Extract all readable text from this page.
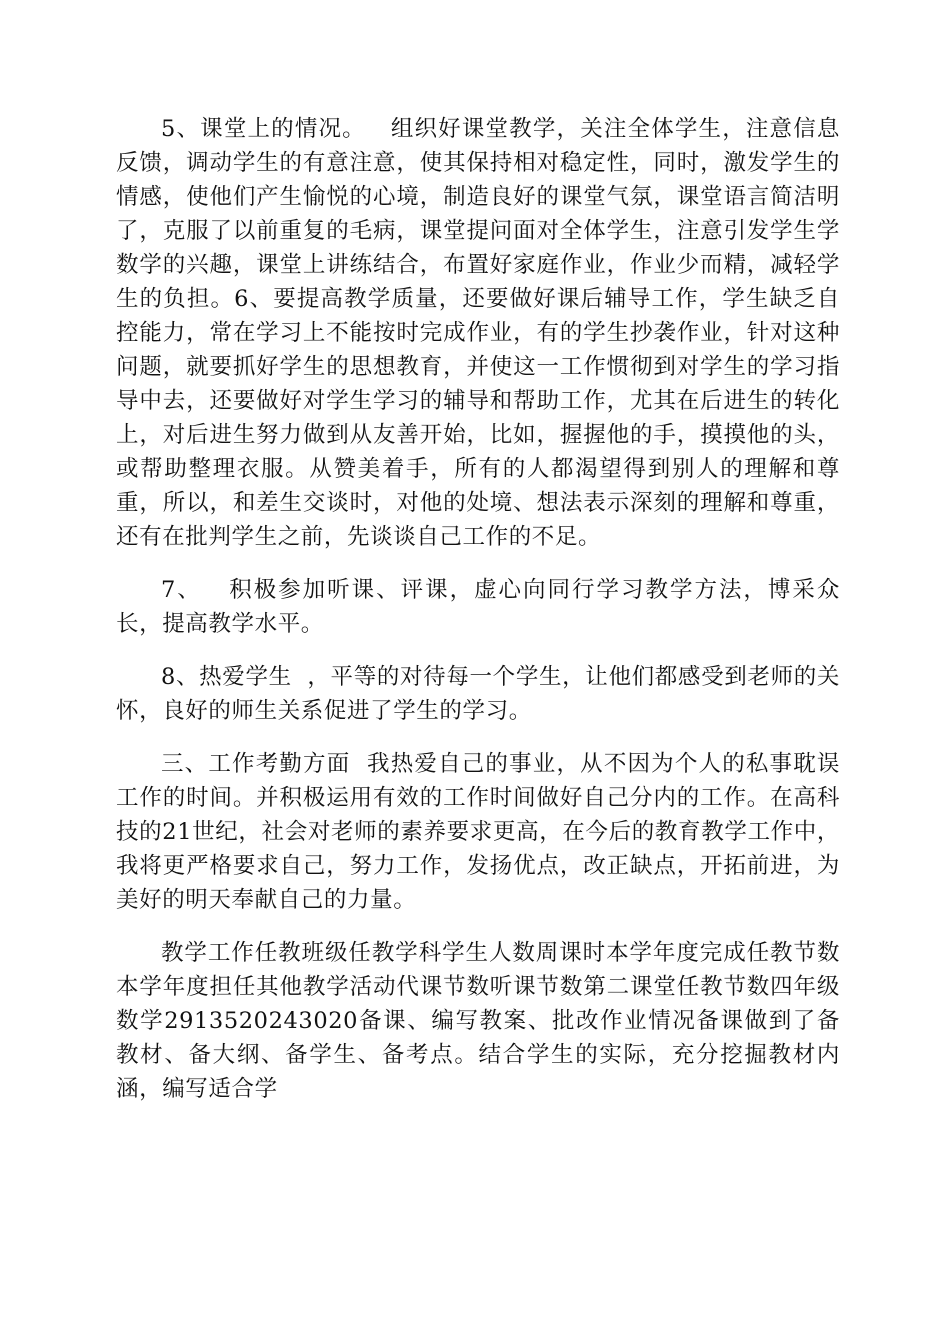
5、课堂上的情况。   组织好课堂教学，关注全体学生，注意信息反馈，调动学生的有意注意，使其保持相对稳定性，同时，激发学生的情感，使他们产生愉悦的心境，制造良好的课堂气氛，课堂语言简洁明了，克服了以前重复的毛病，课堂提问面对全体学生，注意引发学生学数学的兴趣，课堂上讲练结合，布置好家庭作业，作业少而精，减轻学生的负担。6、要提高教学质量，还要做好课后辅导工作，学生缺乏自控能力，常在学习上不能按时完成作业，有的学生抄袭作业，针对这种问题，就要抓好学生的思想教育，并使这一工作惯彻到对学生的学习指导中去，还要做好对学生学习的辅导和帮助工作，尤其在后进生的转化上，对后进生努力做到从友善开始，比如，握握他的手，摸摸他的头，或帮助整理衣服。从赞美着手，所有的人都渴望得到别人的理解和尊重，所以，和差生交谈时，对他的处境、想法表示深刻的理解和尊重，还有在批判学生之前，先谈谈自己工作的不足。

7、   积极参加听课、评课，虚心向同行学习教学方法，博采众长，提高教学水平。

8、热爱学生  ，平等的对待每一个学生，让他们都感受到老师的关怀，良好的师生关系促进了学生的学习。

三、工作考勤方面  我热爱自己的事业，从不因为个人的私事耽误工作的时间。并积极运用有效的工作时间做好自己分内的工作。在高科技的21世纪，社会对老师的素养要求更高，在今后的教育教学工作中，我将更严格要求自己，努力工作，发扬优点，改正缺点，开拓前进，为美好的明天奉献自己的力量。

教学工作任教班级任教学科学生人数周课时本学年度完成任教节数本学年度担任其他教学活动代课节数听课节数第二课堂任教节数四年级数学2913520243020备课、编写教案、批改作业情况备课做到了备教材、备大纲、备学生、备考点。结合学生的实际，充分挖掘教材内涵，编写适合学
